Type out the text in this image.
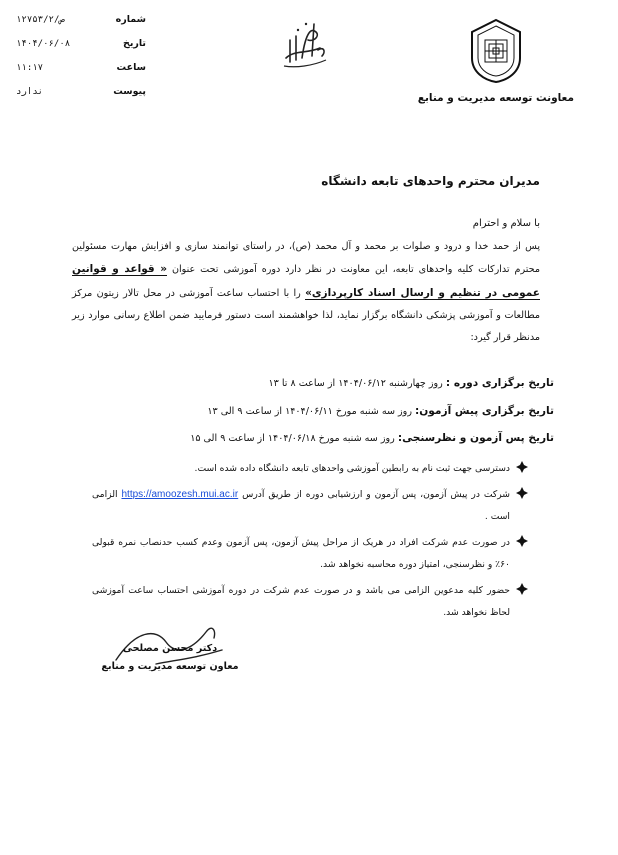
شماره
ص/۱۲۷۵۳/۲
تاریخ
۱۴۰۴/۰۶/۰۸
ساعت
۱۱:۱۷
پیوست
ندارد	معاونت توسعه مدیریت و منابع
مدیران محترم واحدهای تابعه دانشگاه
با سلام و احترام
پس از حمد خدا و درود و صلوات بر محمد و آل محمد (ص)، در راستای توانمند سازی و افزایش مهارت مسئولین محترم تدارکات کلیه واحدهای تابعه، این معاونت در نظر دارد دوره آموزشی تحت عنوان « قواعد و قوانین عمومی در تنظیم و ارسال اسناد کارپردازی» را با احتساب ساعت آموزشی در محل تالار زیتون مرکز مطالعات و آموزشی پزشکی دانشگاه برگزار نماید، لذا خواهشمند است دستور فرمایید ضمن اطلاع رسانی موارد زیر مدنظر قرار گیرد:
تاریخ برگزاری دوره : روز چهارشنبه ۱۴۰۴/۰۶/۱۲ از ساعت ۸ تا ۱۳
تاریخ برگزاری پیش آزمون: روز سه شنبه مورخ ۱۴۰۴/۰۶/۱۱ از ساعت ۹ الی ۱۳
تاریخ پس آزمون و نظرسنجی: روز سه شنبه مورخ ۱۴۰۴/۰۶/۱۸ از ساعت ۹ الی ۱۵
دسترسی جهت ثبت نام به رابطین آموزشی واحدهای تابعه دانشگاه داده شده است.
شرکت در پیش آزمون، پس آزمون و ارزشیابی دوره از طریق آدرس https://amoozesh.mui.ac.ir الزامی است .
در صورت عدم شرکت افراد در هریک از مراحل پیش آزمون، پس آزمون وعدم کسب حدنصاب نمره قبولی ۶۰٪ و نظرسنجی، امتیاز دوره محاسبه نخواهد شد.
حضور کلیه مدعوین الزامی می باشد و در صورت عدم شرکت در دوره آموزشی احتساب ساعت آموزشی لحاظ نخواهد شد.
دکتر محسن مصلحی
معاون توسعه مدیریت و منابع
